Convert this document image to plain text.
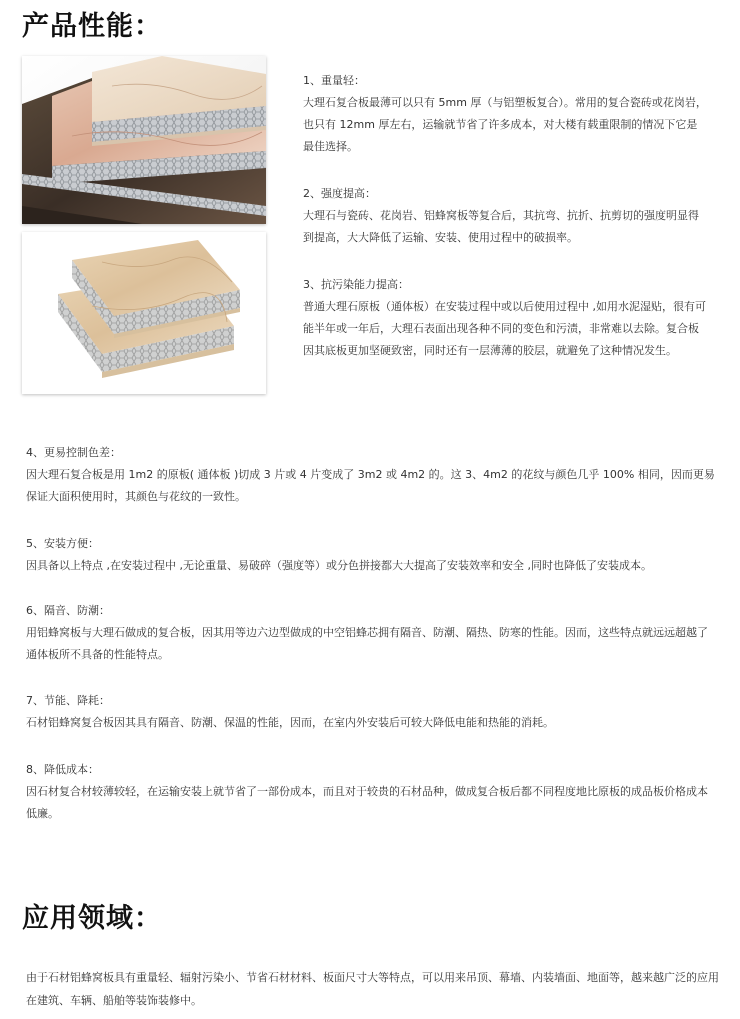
产品性能：
1、重量轻：
大理石复合板最薄可以只有 5mm 厚（与铝塑板复合）。常用的复合瓷砖或花岗岩，也只有 12mm 厚左右，运输就节省了许多成本，对大楼有载重限制的情况下它是最佳选择。
2、强度提高：
大理石与瓷砖、花岗岩、铝蜂窝板等复合后，其抗弯、抗折、抗剪切的强度明显得到提高，大大降低了运输、安装、使用过程中的破损率。
3、抗污染能力提高：
普通大理石原板（通体板）在安装过程中或以后使用过程中 ,如用水泥湿贴，很有可能半年或一年后，大理石表面出现各种不同的变色和污渍，非常难以去除。复合板因其底板更加坚硬致密，同时还有一层薄薄的胶层，就避免了这种情况发生。
4、更易控制色差：
因大理石复合板是用 1m2 的原板( 通体板 )切成 3 片或 4 片变成了 3m2 或 4m2 的。这 3、4m2 的花纹与颜色几乎 100% 相同，因而更易保证大面积使用时，其颜色与花纹的一致性。
5、安装方便：
因具备以上特点 ,在安装过程中 ,无论重量、易破碎（强度等）或分色拼接都大大提高了安装效率和安全 ,同时也降低了安装成本。
6、隔音、防潮：
用铝蜂窝板与大理石做成的复合板，因其用等边六边型做成的中空铝蜂芯拥有隔音、防潮、隔热、防寒的性能。因而，这些特点就远远超越了通体板所不具备的性能特点。
7、节能、降耗：
石材铝蜂窝复合板因其具有隔音、防潮、保温的性能，因而，在室内外安装后可较大降低电能和热能的消耗。
8、降低成本：
因石材复合材较薄较轻，在运输安装上就节省了一部份成本，而且对于较贵的石材品种，做成复合板后都不同程度地比原板的成品板价格成本低廉。
应用领域：

由于石材铝蜂窝板具有重量轻、辐射污染小、节省石材材料、板面尺寸大等特点，可以用来吊顶、幕墙、内装墙面、地面等，越来越广泛的应用在建筑、车辆、船舶等装饰装修中。
